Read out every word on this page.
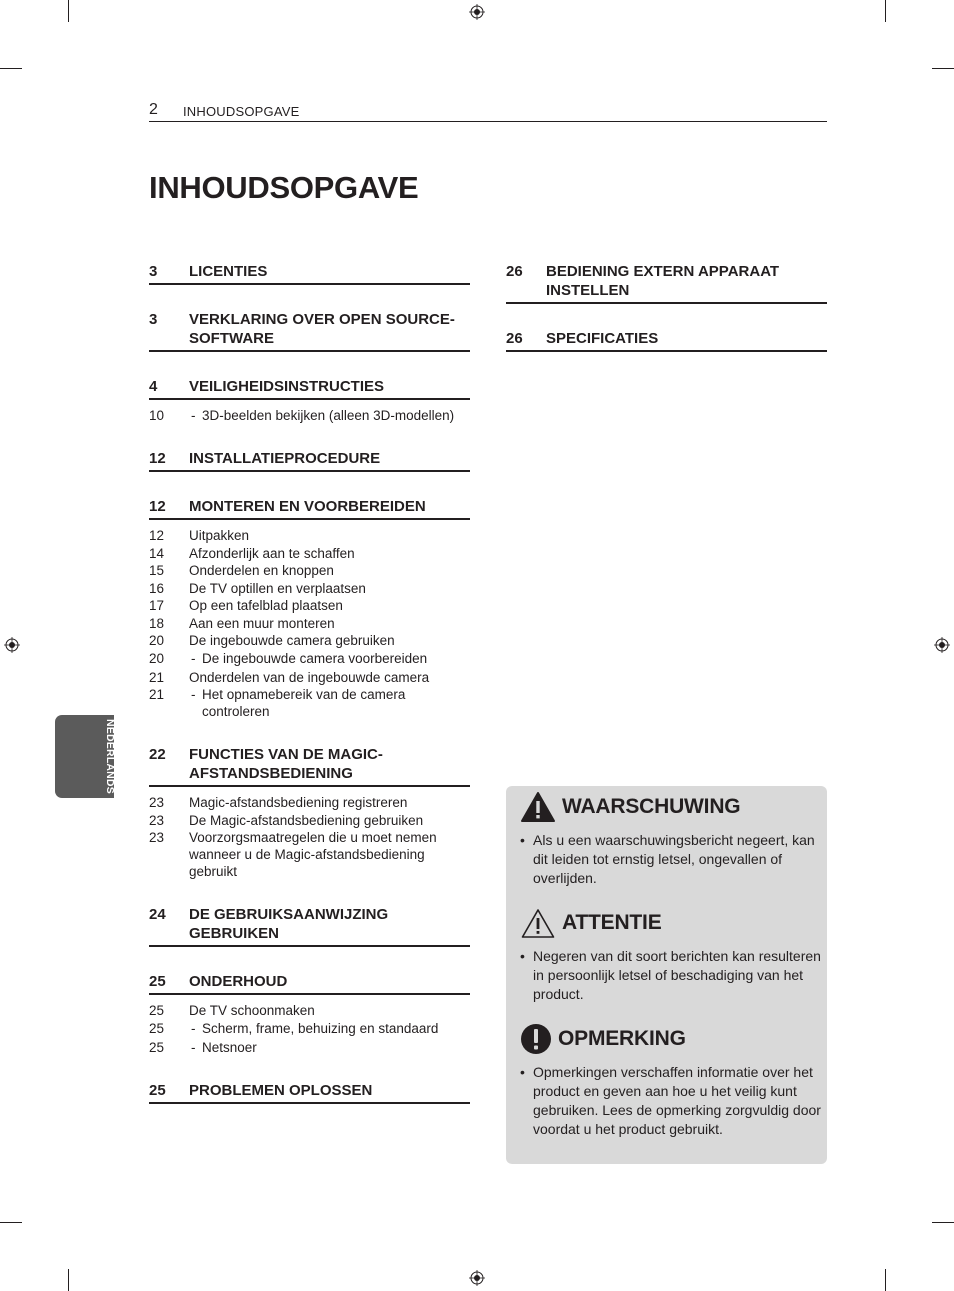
2 INHOUDSOPGAVE
INHOUDSOPGAVE
NEDERLANDS
3	LICENTIES
3	VERKLARING OVER OPEN SOURCE-SOFTWARE
4	VEILIGHEIDSINSTRUCTIES
10	- 3D-beelden bekijken (alleen 3D-modellen)
12	INSTALLATIEPROCEDURE
12	MONTEREN EN VOORBEREIDEN
12	Uitpakken
14	Afzonderlijk aan te schaffen
15	Onderdelen en knoppen
16	De TV optillen en verplaatsen
17	Op een tafelblad plaatsen
18	Aan een muur monteren
20	De ingebouwde camera gebruiken
20	- De ingebouwde camera voorbereiden
21	Onderdelen van de ingebouwde camera
21	- Het opnamebereik van de camera controleren
22	FUNCTIES VAN DE MAGIC-AFSTANDSBEDIENING
23	Magic-afstandsbediening registreren
23	De Magic-afstandsbediening gebruiken
23	Voorzorgsmaatregelen die u moet nemen wanneer u de Magic-afstandsbediening gebruikt
24	DE GEBRUIKSAANWIJZING GEBRUIKEN
25	ONDERHOUD
25	De TV schoonmaken
25	- Scherm, frame, behuizing en standaard
25	- Netsnoer
25	PROBLEMEN OPLOSSEN
26	BEDIENING EXTERN APPARAAT INSTELLEN
26	SPECIFICATIES
WAARSCHUWING
• Als u een waarschuwingsbericht negeert, kan dit leiden tot ernstig letsel, ongevallen of overlijden.
ATTENTIE
• Negeren van dit soort berichten kan resulteren in persoonlijk letsel of beschadiging van het product.
OPMERKING
• Opmerkingen verschaffen informatie over het product en geven aan hoe u het veilig kunt gebruiken. Lees de opmerking zorgvuldig door voordat u het product gebruikt.
